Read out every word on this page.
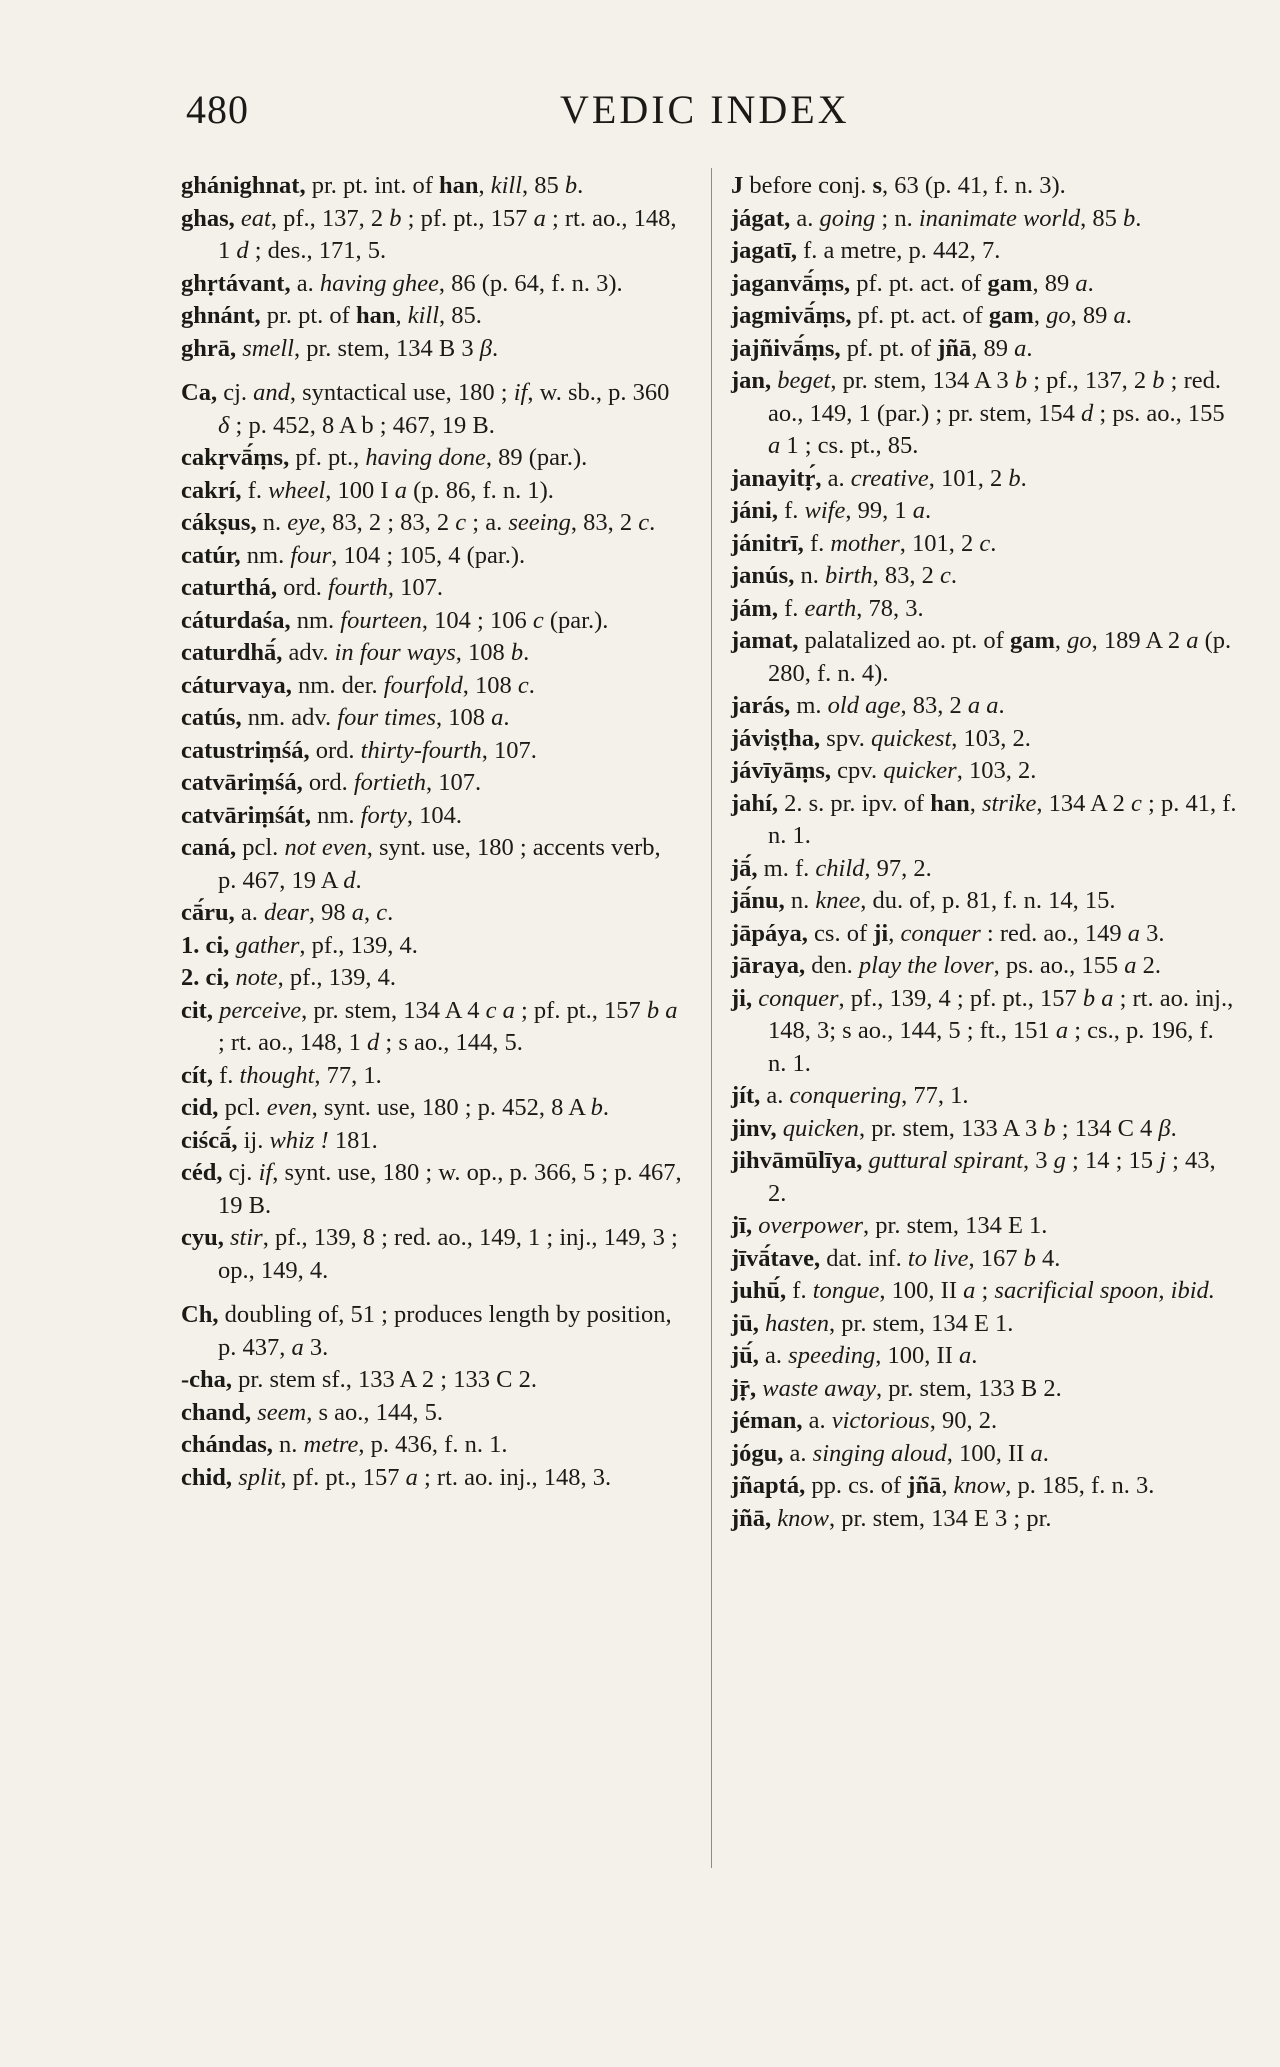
480	VEDIC INDEX
ghánighnat, pr. pt. int. of han, kill, 85 b.
ghas, eat, pf., 137, 2 b ; pf. pt., 157 a ; rt. ao., 148, 1 d ; des., 171, 5.
ghṛtávant, a. having ghee, 86 (p. 64, f. n. 3).
ghnánt, pr. pt. of han, kill, 85.
ghrā, smell, pr. stem, 134 B 3 β.
Ca, cj. and, syntactical use, 180 ; if, w. sb., p. 360 δ ; p. 452, 8 A b ; 467, 19 B.
cakṛvā́ṃs, pf. pt., having done, 89 (par.).
cakrí, f. wheel, 100 I a (p. 86, f. n. 1).
cákṣus, n. eye, 83, 2 ; 83, 2 c ; a. seeing, 83, 2 c.
catúr, nm. four, 104 ; 105, 4 (par.).
caturthá, ord. fourth, 107.
cáturdaśa, nm. fourteen, 104 ; 106 c (par.).
caturdhā́, adv. in four ways, 108 b.
cáturvaya, nm. der. fourfold, 108 c.
catús, nm. adv. four times, 108 a.
catustriṃśá, ord. thirty-fourth, 107.
catvāriṃśá, ord. fortieth, 107.
catvāriṃśát, nm. forty, 104.
caná, pcl. not even, synt. use, 180 ; accents verb, p. 467, 19 A d.
cā́ru, a. dear, 98 a, c.
1. ci, gather, pf., 139, 4.
2. ci, note, pf., 139, 4.
cit, perceive, pr. stem, 134 A 4 c a ; pf. pt., 157 b a ; rt. ao., 148, 1 d ; s ao., 144, 5.
cít, f. thought, 77, 1.
cid, pcl. even, synt. use, 180 ; p. 452, 8 A b.
ciścā́, ij. whiz ! 181.
céd, cj. if, synt. use, 180 ; w. op., p. 366, 5 ; p. 467, 19 B.
cyu, stir, pf., 139, 8 ; red. ao., 149, 1 ; inj., 149, 3 ; op., 149, 4.
Ch, doubling of, 51 ; produces length by position, p. 437, a 3.
-cha, pr. stem sf., 133 A 2 ; 133 C 2.
chand, seem, s ao., 144, 5.
chándas, n. metre, p. 436, f. n. 1.
chid, split, pf. pt., 157 a ; rt. ao. inj., 148, 3.
J before conj. s, 63 (p. 41, f. n. 3).
jágat, a. going ; n. inanimate world, 85 b.
jagatī, f. a metre, p. 442, 7.
jaganvā́ṃs, pf. pt. act. of gam, 89 a.
jagmivā́ṃs, pf. pt. act. of gam, go, 89 a.
jajñivā́ṃs, pf. pt. of jñā, 89 a.
jan, beget, pr. stem, 134 A 3 b ; pf., 137, 2 b ; red. ao., 149, 1 (par.) ; pr. stem, 154 d ; ps. ao., 155 a 1 ; cs. pt., 85.
janayitṛ́, a. creative, 101, 2 b.
jáni, f. wife, 99, 1 a.
jánitrī, f. mother, 101, 2 c.
janús, n. birth, 83, 2 c.
jám, f. earth, 78, 3.
jamat, palatalized ao. pt. of gam, go, 189 A 2 a (p. 280, f. n. 4).
jarás, m. old age, 83, 2 a a.
jáviṣṭha, spv. quickest, 103, 2.
jávīyāṃs, cpv. quicker, 103, 2.
jahí, 2. s. pr. ipv. of han, strike, 134 A 2 c ; p. 41, f. n. 1.
jā́, m. f. child, 97, 2.
jā́nu, n. knee, du. of, p. 81, f. n. 14, 15.
jāpáya, cs. of ji, conquer : red. ao., 149 a 3.
jāraya, den. play the lover, ps. ao., 155 a 2.
ji, conquer, pf., 139, 4 ; pf. pt., 157 b a ; rt. ao. inj., 148, 3; s ao., 144, 5 ; ft., 151 a ; cs., p. 196, f. n. 1.
jít, a. conquering, 77, 1.
jinv, quicken, pr. stem, 133 A 3 b ; 134 C 4 β.
jihvāmūlīya, guttural spirant, 3 g ; 14 ; 15 j ; 43, 2.
jī, overpower, pr. stem, 134 E 1.
jīvā́tave, dat. inf. to live, 167 b 4.
juhū́, f. tongue, 100, II a ; sacrificial spoon, ibid.
jū, hasten, pr. stem, 134 E 1.
jū́, a. speeding, 100, II a.
jṝ, waste away, pr. stem, 133 B 2.
jéman, a. victorious, 90, 2.
jógu, a. singing aloud, 100, II a.
jñaptá, pp. cs. of jñā, know, p. 185, f. n. 3.
jñā, know, pr. stem, 134 E 3 ; pr.
